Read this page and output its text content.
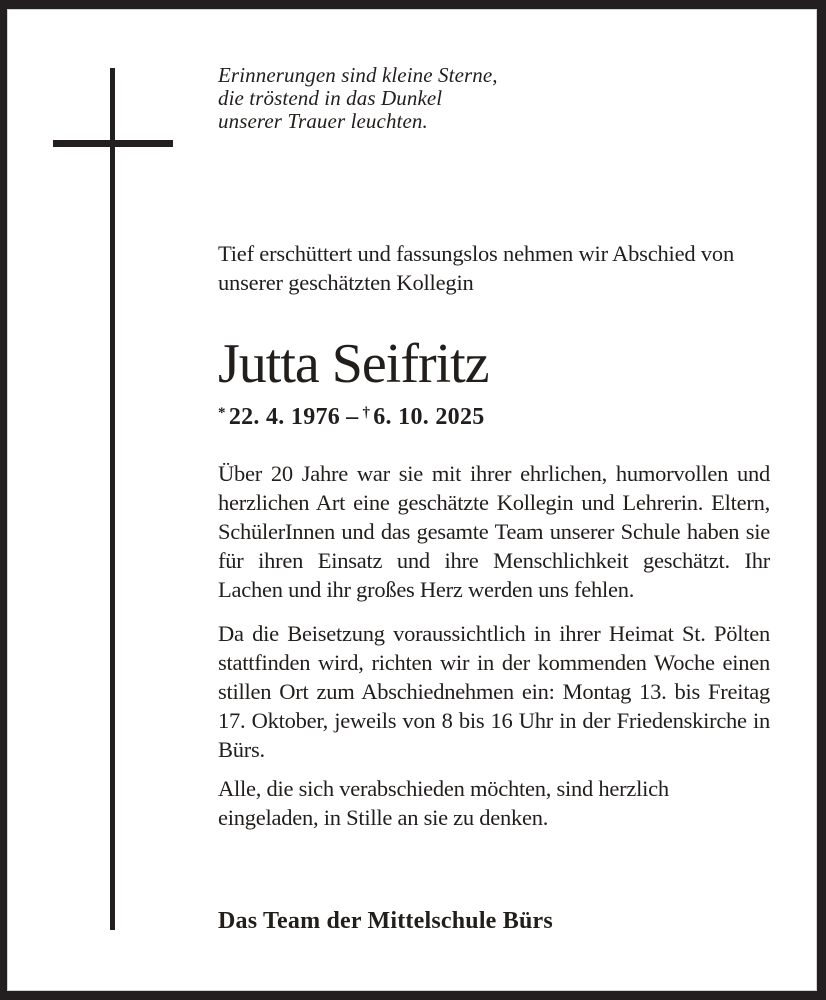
Erinnerungen sind kleine Sterne,
die tröstend in das Dunkel
unserer Trauer leuchten.

Tief erschüttert und fassungslos nehmen wir Abschied von unserer geschätzten Kollegin

Jutta Seifritz
* 22. 4. 1976 – † 6. 10. 2025

Über 20 Jahre war sie mit ihrer ehrlichen, humorvollen und herzlichen Art eine geschätzte Kollegin und Lehrerin. Eltern, SchülerInnen und das gesamte Team unserer Schule haben sie für ihren Einsatz und ihre Menschlichkeit geschätzt. Ihr Lachen und ihr großes Herz werden uns fehlen.

Da die Beisetzung voraussichtlich in ihrer Heimat St. Pölten stattfinden wird, richten wir in der kommenden Woche einen stillen Ort zum Abschiednehmen ein: Montag 13. bis Freitag 17. Oktober, jeweils von 8 bis 16 Uhr in der Friedenskirche in Bürs.

Alle, die sich verabschieden möchten, sind herzlich eingeladen, in Stille an sie zu denken.

Das Team der Mittelschule Bürs
